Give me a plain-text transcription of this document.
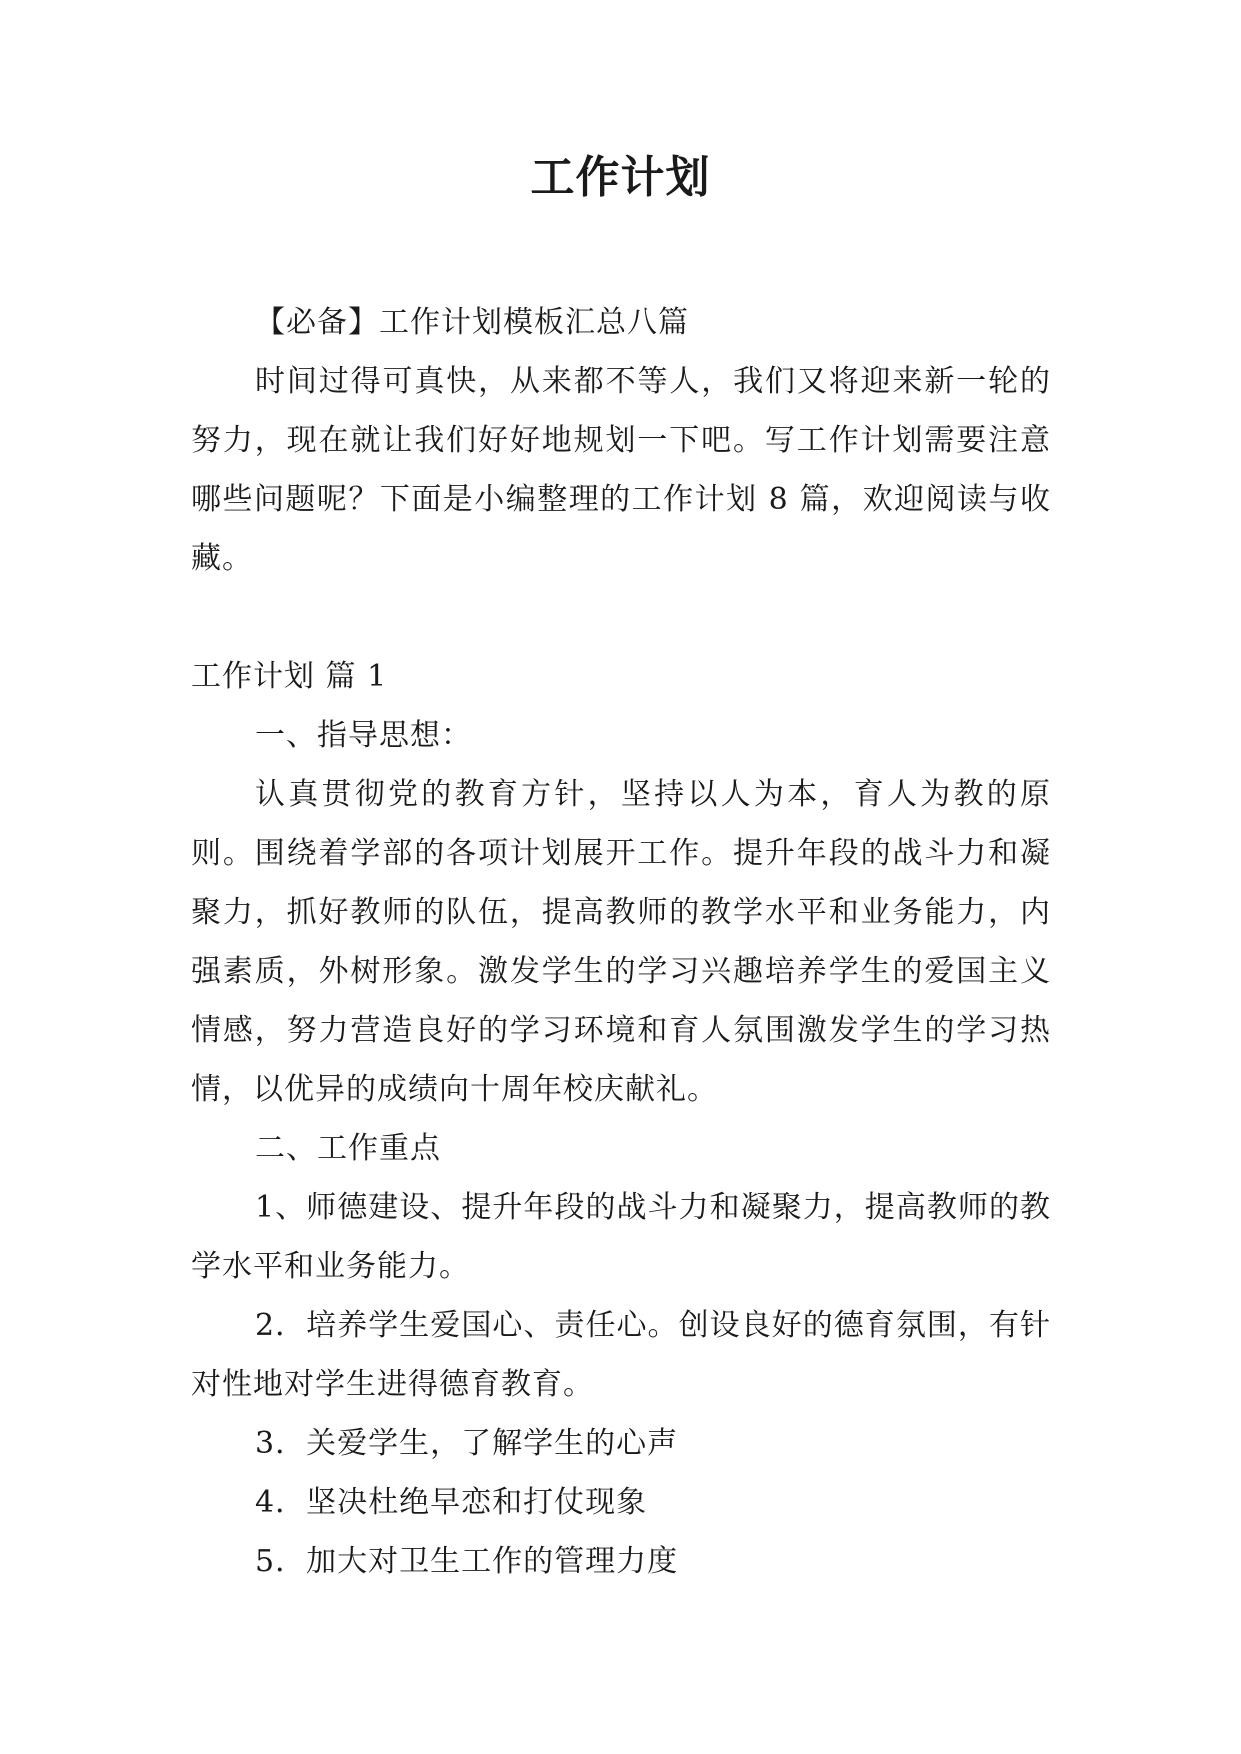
工作计划

【必备】工作计划模板汇总八篇

时间过得可真快，从来都不等人，我们又将迎来新一轮的努力，现在就让我们好好地规划一下吧。写工作计划需要注意哪些问题呢？下面是小编整理的工作计划 8 篇，欢迎阅读与收藏。

工作计划 篇 1

一、指导思想：

认真贯彻党的教育方针，坚持以人为本，育人为教的原则。围绕着学部的各项计划展开工作。提升年段的战斗力和凝聚力，抓好教师的队伍，提高教师的教学水平和业务能力，内强素质，外树形象。激发学生的学习兴趣培养学生的爱国主义情感，努力营造良好的学习环境和育人氛围激发学生的学习热情，以优异的成绩向十周年校庆献礼。

二、工作重点

1、师德建设、提升年段的战斗力和凝聚力，提高教师的教学水平和业务能力。

2．培养学生爱国心、责任心。创设良好的德育氛围，有针对性地对学生进得德育教育。

3．关爱学生，了解学生的心声

4．坚决杜绝早恋和打仗现象

5．加大对卫生工作的管理力度
